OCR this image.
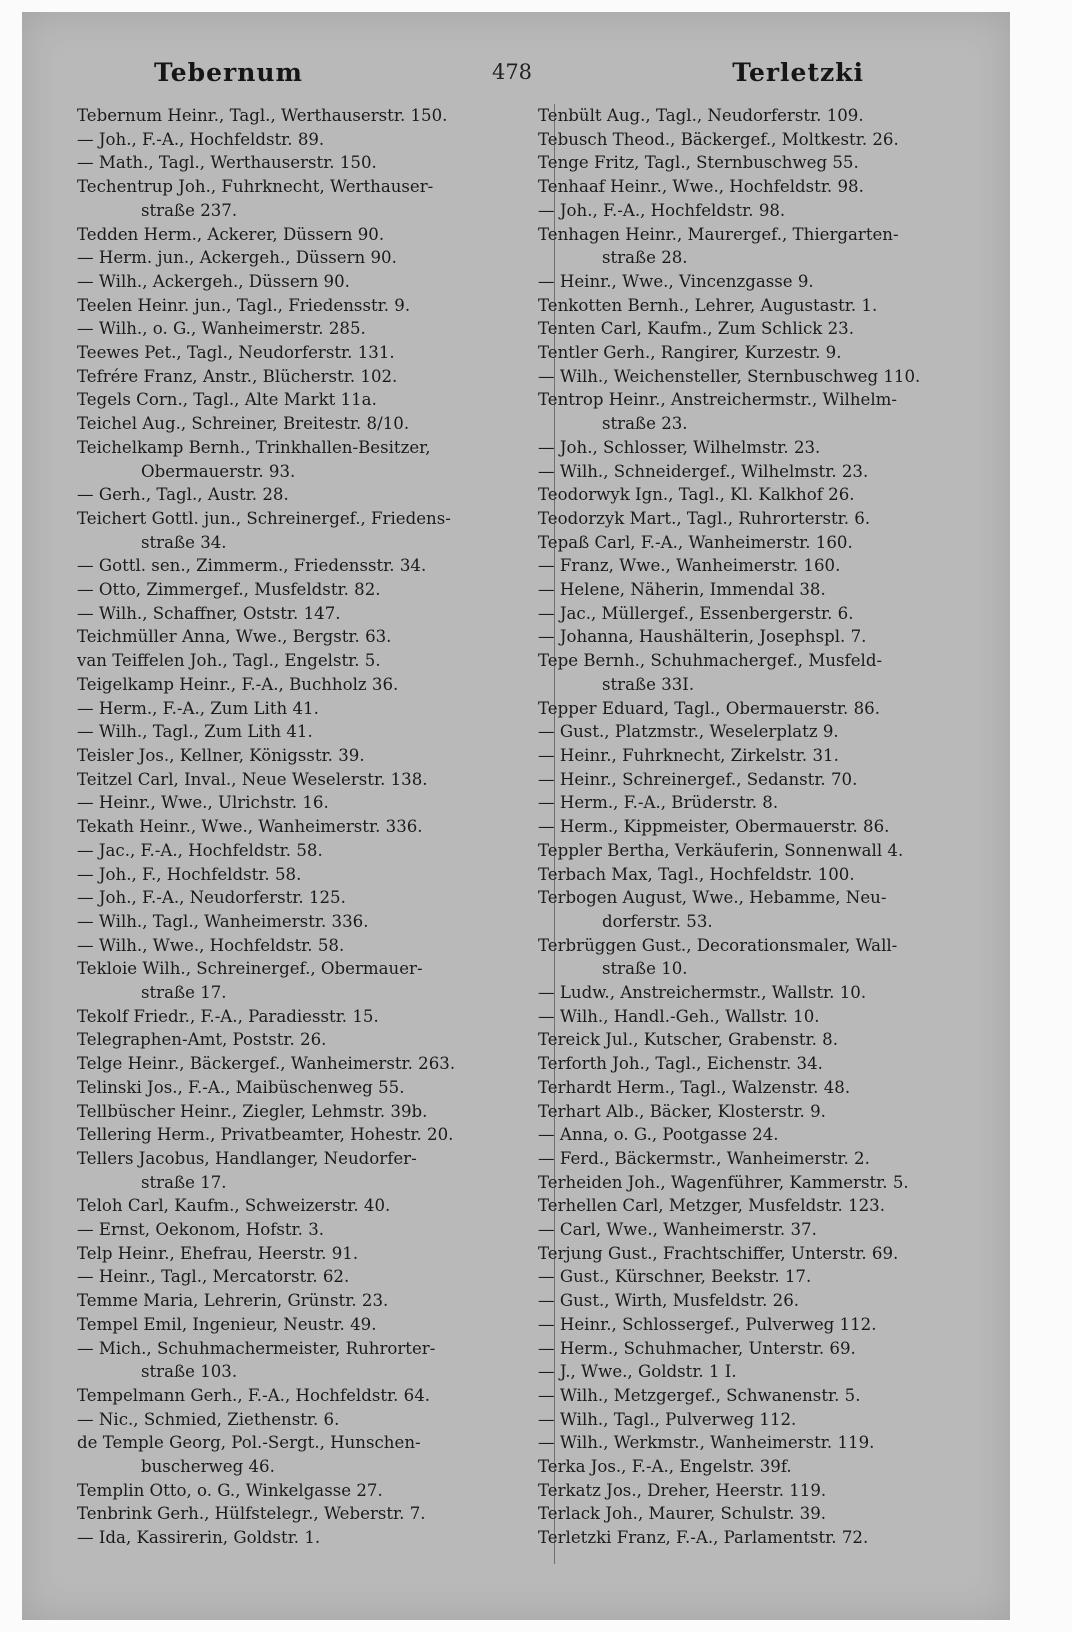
Tebernum	478	Terletzki
Tebernum Heinr., Tagl., Werthauserstr. 150.
— Joh., F.-A., Hochfeldstr. 89.
— Math., Tagl., Werthauserstr. 150.
Techentrup Joh., Fuhrknecht, Werthauser-
straße 237.
Tedden Herm., Ackerer, Düssern 90.
— Herm. jun., Ackergeh., Düssern 90.
— Wilh., Ackergeh., Düssern 90.
Teelen Heinr. jun., Tagl., Friedensstr. 9.
— Wilh., o. G., Wanheimerstr. 285.
Teewes Pet., Tagl., Neudorferstr. 131.
Tefrére Franz, Anstr., Blücherstr. 102.
Tegels Corn., Tagl., Alte Markt 11a.
Teichel Aug., Schreiner, Breitestr. 8/10.
Teichelkamp Bernh., Trinkhallen-Besitzer,
Obermauerstr. 93.
— Gerh., Tagl., Austr. 28.
Teichert Gottl. jun., Schreinergef., Friedens-
straße 34.
— Gottl. sen., Zimmerm., Friedensstr. 34.
— Otto, Zimmergef., Musfeldstr. 82.
— Wilh., Schaffner, Oststr. 147.
Teichmüller Anna, Wwe., Bergstr. 63.
van Teiffelen Joh., Tagl., Engelstr. 5.
Teigelkamp Heinr., F.-A., Buchholz 36.
— Herm., F.-A., Zum Lith 41.
— Wilh., Tagl., Zum Lith 41.
Teisler Jos., Kellner, Königsstr. 39.
Teitzel Carl, Inval., Neue Weselerstr. 138.
— Heinr., Wwe., Ulrichstr. 16.
Tekath Heinr., Wwe., Wanheimerstr. 336.
— Jac., F.-A., Hochfeldstr. 58.
— Joh., F., Hochfeldstr. 58.
— Joh., F.-A., Neudorferstr. 125.
— Wilh., Tagl., Wanheimerstr. 336.
— Wilh., Wwe., Hochfeldstr. 58.
Tekloie Wilh., Schreinergef., Obermauer-
straße 17.
Tekolf Friedr., F.-A., Paradiesstr. 15.
Telegraphen-Amt, Poststr. 26.
Telge Heinr., Bäckergef., Wanheimerstr. 263.
Telinski Jos., F.-A., Maibüschenweg 55.
Tellbüscher Heinr., Ziegler, Lehmstr. 39b.
Tellering Herm., Privatbeamter, Hohestr. 20.
Tellers Jacobus, Handlanger, Neudorfer-
straße 17.
Teloh Carl, Kaufm., Schweizerstr. 40.
— Ernst, Oekonom, Hofstr. 3.
Telp Heinr., Ehefrau, Heerstr. 91.
— Heinr., Tagl., Mercatorstr. 62.
Temme Maria, Lehrerin, Grünstr. 23.
Tempel Emil, Ingenieur, Neustr. 49.
— Mich., Schuhmachermeister, Ruhrorter-
straße 103.
Tempelmann Gerh., F.-A., Hochfeldstr. 64.
— Nic., Schmied, Ziethenstr. 6.
de Temple Georg, Pol.-Sergt., Hunschen-
buscherweg 46.
Templin Otto, o. G., Winkelgasse 27.
Tenbrink Gerh., Hülfstelegr., Weberstr. 7.
— Ida, Kassirerin, Goldstr. 1.
Tenbült Aug., Tagl., Neudorferstr. 109.
Tebusch Theod., Bäckergef., Moltkestr. 26.
Tenge Fritz, Tagl., Sternbuschweg 55.
Tenhaaf Heinr., Wwe., Hochfeldstr. 98.
— Joh., F.-A., Hochfeldstr. 98.
Tenhagen Heinr., Maurergef., Thiergarten-
straße 28.
— Heinr., Wwe., Vincenzgasse 9.
Tenkotten Bernh., Lehrer, Augustastr. 1.
Tenten Carl, Kaufm., Zum Schlick 23.
Tentler Gerh., Rangirer, Kurzestr. 9.
— Wilh., Weichensteller, Sternbuschweg 110.
Tentrop Heinr., Anstreichermstr., Wilhelm-
straße 23.
— Joh., Schlosser, Wilhelmstr. 23.
— Wilh., Schneidergef., Wilhelmstr. 23.
Teodorwyk Ign., Tagl., Kl. Kalkhof 26.
Teodorzyk Mart., Tagl., Ruhrorterstr. 6.
Tepaß Carl, F.-A., Wanheimerstr. 160.
— Franz, Wwe., Wanheimerstr. 160.
— Helene, Näherin, Immendal 38.
— Jac., Müllergef., Essenbergerstr. 6.
— Johanna, Haushälterin, Josephspl. 7.
Tepe Bernh., Schuhmachergef., Musfeld-
straße 33I.
Tepper Eduard, Tagl., Obermauerstr. 86.
— Gust., Platzmstr., Weselerplatz 9.
— Heinr., Fuhrknecht, Zirkelstr. 31.
— Heinr., Schreinergef., Sedanstr. 70.
— Herm., F.-A., Brüderstr. 8.
— Herm., Kippmeister, Obermauerstr. 86.
Teppler Bertha, Verkäuferin, Sonnenwall 4.
Terbach Max, Tagl., Hochfeldstr. 100.
Terbogen August, Wwe., Hebamme, Neu-
dorferstr. 53.
Terbrüggen Gust., Decorationsmaler, Wall-
straße 10.
— Ludw., Anstreichermstr., Wallstr. 10.
— Wilh., Handl.-Geh., Wallstr. 10.
Tereick Jul., Kutscher, Grabenstr. 8.
Terforth Joh., Tagl., Eichenstr. 34.
Terhardt Herm., Tagl., Walzenstr. 48.
Terhart Alb., Bäcker, Klosterstr. 9.
— Anna, o. G., Pootgasse 24.
— Ferd., Bäckermstr., Wanheimerstr. 2.
Terheiden Joh., Wagenführer, Kammerstr. 5.
Terhellen Carl, Metzger, Musfeldstr. 123.
— Carl, Wwe., Wanheimerstr. 37.
Terjung Gust., Frachtschiffer, Unterstr. 69.
— Gust., Kürschner, Beekstr. 17.
— Gust., Wirth, Musfeldstr. 26.
— Heinr., Schlossergef., Pulverweg 112.
— Herm., Schuhmacher, Unterstr. 69.
— J., Wwe., Goldstr. 1 I.
— Wilh., Metzgergef., Schwanenstr. 5.
— Wilh., Tagl., Pulverweg 112.
— Wilh., Werkmstr., Wanheimerstr. 119.
Terka Jos., F.-A., Engelstr. 39f.
Terkatz Jos., Dreher, Heerstr. 119.
Terlack Joh., Maurer, Schulstr. 39.
Terletzki Franz, F.-A., Parlamentstr. 72.
